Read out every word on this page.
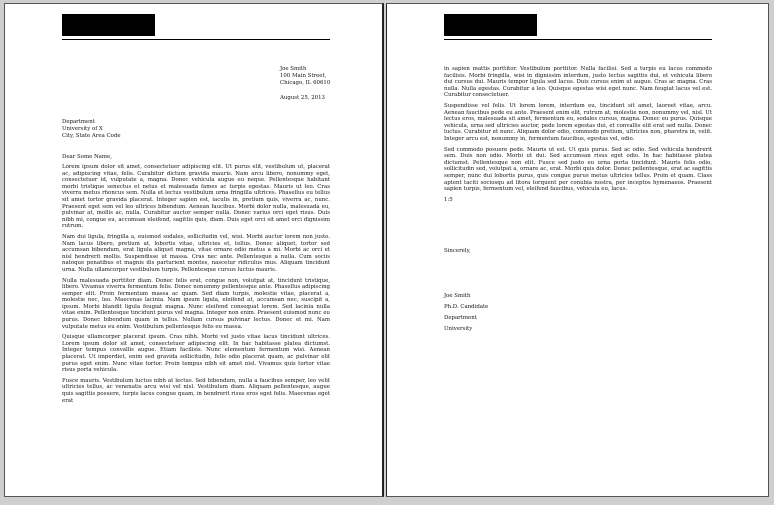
Joe Smith
100 Main Street,
Chicago, IL 60610
August 25, 2013
Department
University of X
City, State Area Code
Dear Some Name,

Lorem ipsum dolor sit amet, consectetuer adipiscing elit. Ut purus elit, vestibulum ut, placerat ac, adipiscing vitae, felis. Curabitur dictum gravida mauris. Nam arcu libero, nonummy eget, consectetuer id, vulputate a, magna. Donec vehicula augue eu neque. Pellentesque habitant morbi tristique senectus et netus et malesuada fames ac turpis egestas. Mauris ut leo. Cras viverra metus rhoncus sem. Nulla et lectus vestibulum urna fringilla ultrices. Phasellus eu tellus sit amet tortor gravida placerat. Integer sapien est, iaculis in, pretium quis, viverra ac, nunc. Praesent eget sem vel leo ultrices bibendum. Aenean faucibus. Morbi dolor nulla, malesuada eu, pulvinar at, mollis ac, nulla. Curabitur auctor semper nulla. Donec varius orci eget risus. Duis nibh mi, congue eu, accumsan eleifend, sagittis quis, diam. Duis eget orci sit amet orci dignissim rutrum.

Nam dui ligula, fringilla a, euismod sodales, sollicitudin vel, wisi. Morbi auctor lorem non justo. Nam lacus libero, pretium at, lobortis vitae, ultricies et, tellus. Donec aliquet, tortor sed accumsan bibendum, erat ligula aliquet magna, vitae ornare odio metus a mi. Morbi ac orci et nisl hendrerit mollis. Suspendisse ut massa. Cras nec ante. Pellentesque a nulla. Cum sociis natoque penatibus et magnis dis parturient montes, nascetur ridiculus mus. Aliquam tincidunt urna. Nulla ullamcorper vestibulum turpis. Pellentesque cursus luctus mauris.

Nulla malesuada porttitor diam. Donec felis erat, congue non, volutpat at, tincidunt tristique, libero. Vivamus viverra fermentum felis. Donec nonummy pellentesque ante. Phasellus adipiscing semper elit. Proin fermentum massa ac quam. Sed diam turpis, molestie vitae, placerat a, molestie nec, leo. Maecenas lacinia. Nam ipsum ligula, eleifend at, accumsan nec, suscipit a, ipsum. Morbi blandit ligula feugiat magna. Nunc eleifend consequat lorem. Sed lacinia nulla vitae enim. Pellentesque tincidunt purus vel magna. Integer non enim. Praesent euismod nunc eu purus. Donec bibendum quam in tellus. Nullam cursus pulvinar lectus. Donec et mi. Nam vulputate metus eu enim. Vestibulum pellentesque felis eu massa.

Quisque ullamcorper placerat ipsum. Cras nibh. Morbi vel justo vitae lacus tincidunt ultrices. Lorem ipsum dolor sit amet, consectetuer adipiscing elit. In hac habitasse platea dictumst. Integer tempus convallis augue. Etiam facilisis. Nunc elementum fermentum wisi. Aenean placerat. Ut imperdiet, enim sed gravida sollicitudin, felis odio placerat quam, ac pulvinar elit purus eget enim. Nunc vitae tortor. Proin tempus nibh sit amet nisl. Vivamus quis tortor vitae risus porta vehicula.

Fusce mauris. Vestibulum luctus nibh at lectus. Sed bibendum, nulla a faucibus semper, leo velit ultricies tellus, ac venenatis arcu wisi vel nisl. Vestibulum diam. Aliquam pellentesque, augue quis sagittis posuere, turpis lacus congue quam, in hendrerit risus eros eget felis. Maecenas eget erat

in sapien mattis porttitor. Vestibulum porttitor. Nulla facilisi. Sed a turpis eu lacus commodo facilisis. Morbi fringilla, wisi in dignissim interdum, justo lectus sagittis dui, et vehicula libero dui cursus dui. Mauris tempor ligula sed lacus. Duis cursus enim ut augue. Cras ac magna. Cras nulla. Nulla egestas. Curabitur a leo. Quisque egestas wisi eget nunc. Nam feugiat lacus vel est. Curabitur consectetuer.

Suspendisse vel felis. Ut lorem lorem, interdum eu, tincidunt sit amet, laoreet vitae, arcu. Aenean faucibus pede eu ante. Praesent enim elit, rutrum at, molestie non, nonummy vel, nisl. Ut lectus eros, malesuada sit amet, fermentum eu, sodales cursus, magna. Donec eu purus. Quisque vehicula, urna sed ultricies auctor, pede lorem egestas dui, et convallis elit erat sed nulla. Donec luctus. Curabitur et nunc. Aliquam dolor odio, commodo pretium, ultricies non, pharetra in, velit. Integer arcu est, nonummy in, fermentum faucibus, egestas vel, odio.

Sed commodo posuere pede. Mauris ut est. Ut quis purus. Sed ac odio. Sed vehicula hendrerit sem. Duis non odio. Morbi ut dui. Sed accumsan risus eget odio. In hac habitasse platea dictumst. Pellentesque non elit. Fusce sed justo eu urna porta tincidunt. Mauris felis odio, sollicitudin sed, volutpat a, ornare ac, erat. Morbi quis dolor. Donec pellentesque, erat ac sagittis semper, nunc dui lobortis purus, quis congue purus metus ultricies tellus. Proin et quam. Class aptent taciti sociosqu ad litora torquent per conubia nostra, per inceptos hymenaeos. Praesent sapien turpis, fermentum vel, eleifend faucibus, vehicula eu, lacus.

1:5

Sincerely,
Joe Smith
Ph.D. Candidate
Department
University
